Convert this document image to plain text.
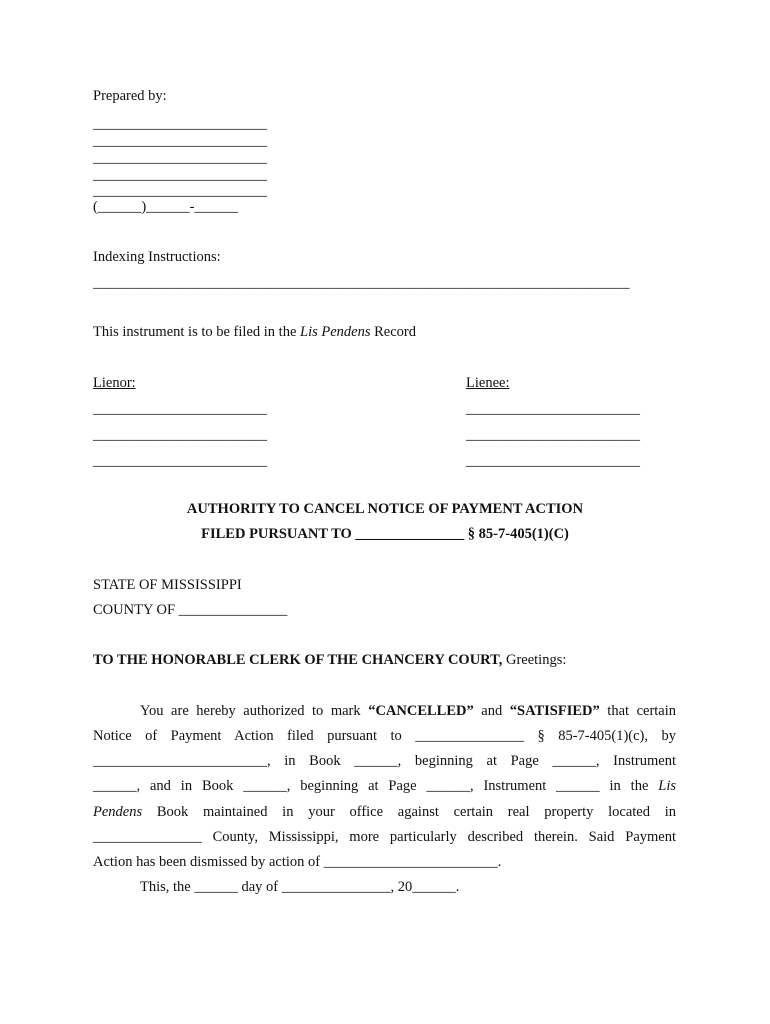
Prepared by:
________________________
________________________
________________________
________________________
________________________
(______)______-______
Indexing Instructions:
__________________________________________________________________________
This instrument is to be filed in the Lis Pendens Record
Lienor:	Lienee:
________________________
________________________
________________________
________________________
________________________
________________________
AUTHORITY TO CANCEL NOTICE OF PAYMENT ACTION
FILED PURSUANT TO _______________ § 85-7-405(1)(C)
STATE OF MISSISSIPPI
COUNTY OF _______________
TO THE HONORABLE CLERK OF THE CHANCERY COURT, Greetings:
You are hereby authorized to mark “CANCELLED” and “SATISFIED” that certain
Notice of Payment Action filed pursuant to _______________ § 85-7-405(1)(c), by
________________________, in Book ______, beginning at Page ______, Instrument
______, and in Book ______, beginning at Page ______, Instrument ______ in the Lis
Pendens Book maintained in your office against certain real property located in
_______________ County, Mississippi, more particularly described therein. Said Payment
Action has been dismissed by action of ________________________.
This, the ______ day of _______________, 20______.
